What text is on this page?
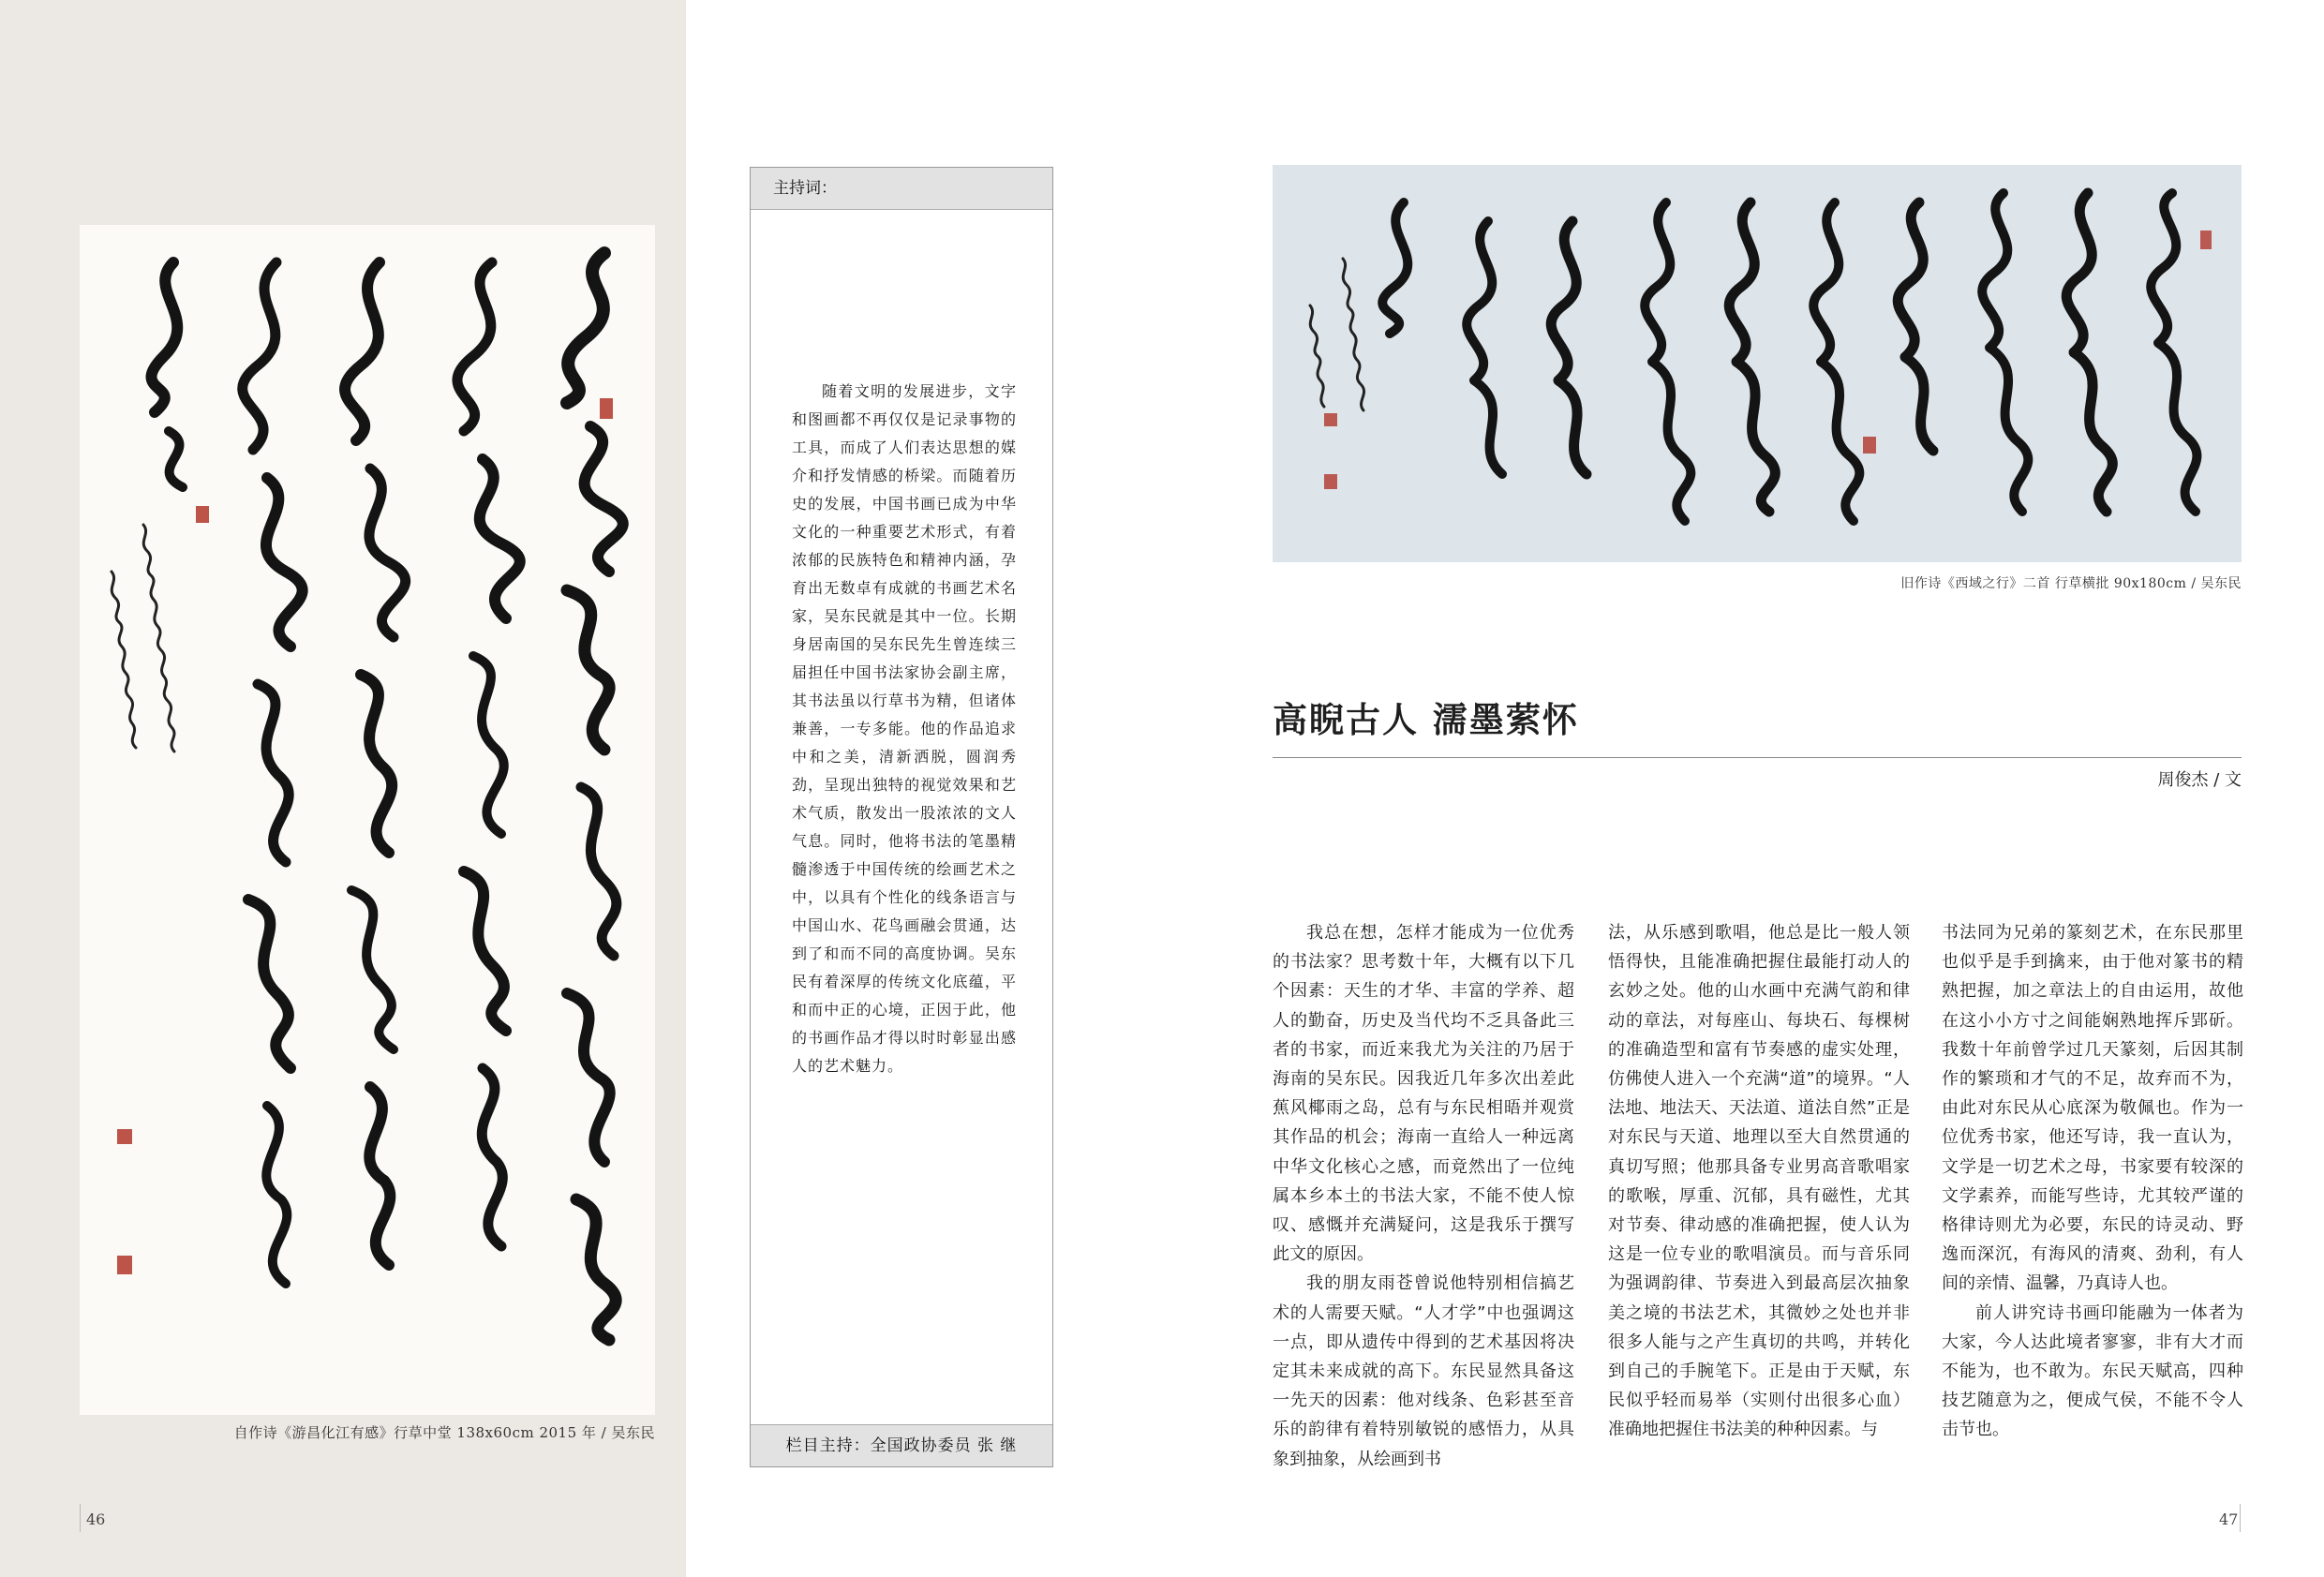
自作诗《游昌化江有感》行草中堂 138x60cm 2015 年 / 吴东民
46
主持词：

随着文明的发展进步，文字和图画都不再仅仅是记录事物的工具，而成了人们表达思想的媒介和抒发情感的桥梁。而随着历史的发展，中国书画已成为中华文化的一种重要艺术形式，有着浓郁的民族特色和精神内涵，孕育出无数卓有成就的书画艺术名家，吴东民就是其中一位。长期身居南国的吴东民先生曾连续三届担任中国书法家协会副主席，其书法虽以行草书为精，但诸体兼善，一专多能。他的作品追求中和之美，清新洒脱，圆润秀劲，呈现出独特的视觉效果和艺术气质，散发出一股浓浓的文人气息。同时，他将书法的笔墨精髓渗透于中国传统的绘画艺术之中，以具有个性化的线条语言与中国山水、花鸟画融会贯通，达到了和而不同的高度协调。吴东民有着深厚的传统文化底蕴，平和而中正的心境，正因于此，他的书画作品才得以时时彰显出感人的艺术魅力。

栏目主持：全国政协委员 张 继
旧作诗《西域之行》二首 行草横批 90x180cm / 吴东民
高睨古人 濡墨萦怀
周俊杰 / 文

我总在想，怎样才能成为一位优秀的书法家？思考数十年，大概有以下几个因素：天生的才华、丰富的学养、超人的勤奋，历史及当代均不乏具备此三者的书家，而近来我尤为关注的乃居于海南的吴东民。因我近几年多次出差此蕉风椰雨之岛，总有与东民相晤并观赏其作品的机会；海南一直给人一种远离中华文化核心之感，而竟然出了一位纯属本乡本土的书法大家，不能不使人惊叹、感慨并充满疑问，这是我乐于撰写此文的原因。

我的朋友雨苍曾说他特别相信搞艺术的人需要天赋。“人才学”中也强调这一点，即从遗传中得到的艺术基因将决定其未来成就的高下。东民显然具备这一先天的因素：他对线条、色彩甚至音乐的韵律有着特别敏锐的感悟力，从具象到抽象，从绘画到书

法，从乐感到歌唱，他总是比一般人领悟得快，且能准确把握住最能打动人的玄妙之处。他的山水画中充满气韵和律动的章法，对每座山、每块石、每棵树的准确造型和富有节奏感的虚实处理，仿佛使人进入一个充满“道”的境界。“人法地、地法天、天法道、道法自然”正是对东民与天道、地理以至大自然贯通的真切写照；他那具备专业男高音歌唱家的歌喉，厚重、沉郁，具有磁性，尤其对节奏、律动感的准确把握，使人认为这是一位专业的歌唱演员。而与音乐同为强调韵律、节奏进入到最高层次抽象美之境的书法艺术，其微妙之处也并非很多人能与之产生真切的共鸣，并转化到自己的手腕笔下。正是由于天赋，东民似乎轻而易举（实则付出很多心血）准确地把握住书法美的种种因素。与

书法同为兄弟的篆刻艺术，在东民那里也似乎是手到擒来，由于他对篆书的精熟把握，加之章法上的自由运用，故他在这小小方寸之间能娴熟地挥斥郢斫。我数十年前曾学过几天篆刻，后因其制作的繁琐和才气的不足，故弃而不为，由此对东民从心底深为敬佩也。作为一位优秀书家，他还写诗，我一直认为，文学是一切艺术之母，书家要有较深的文学素养，而能写些诗，尤其较严谨的格律诗则尤为必要，东民的诗灵动、野逸而深沉，有海风的清爽、劲利，有人间的亲情、温馨，乃真诗人也。

前人讲究诗书画印能融为一体者为大家，今人达此境者寥寥，非有大才而不能为，也不敢为。东民天赋高，四种技艺随意为之，便成气侯，不能不令人击节也。

47
